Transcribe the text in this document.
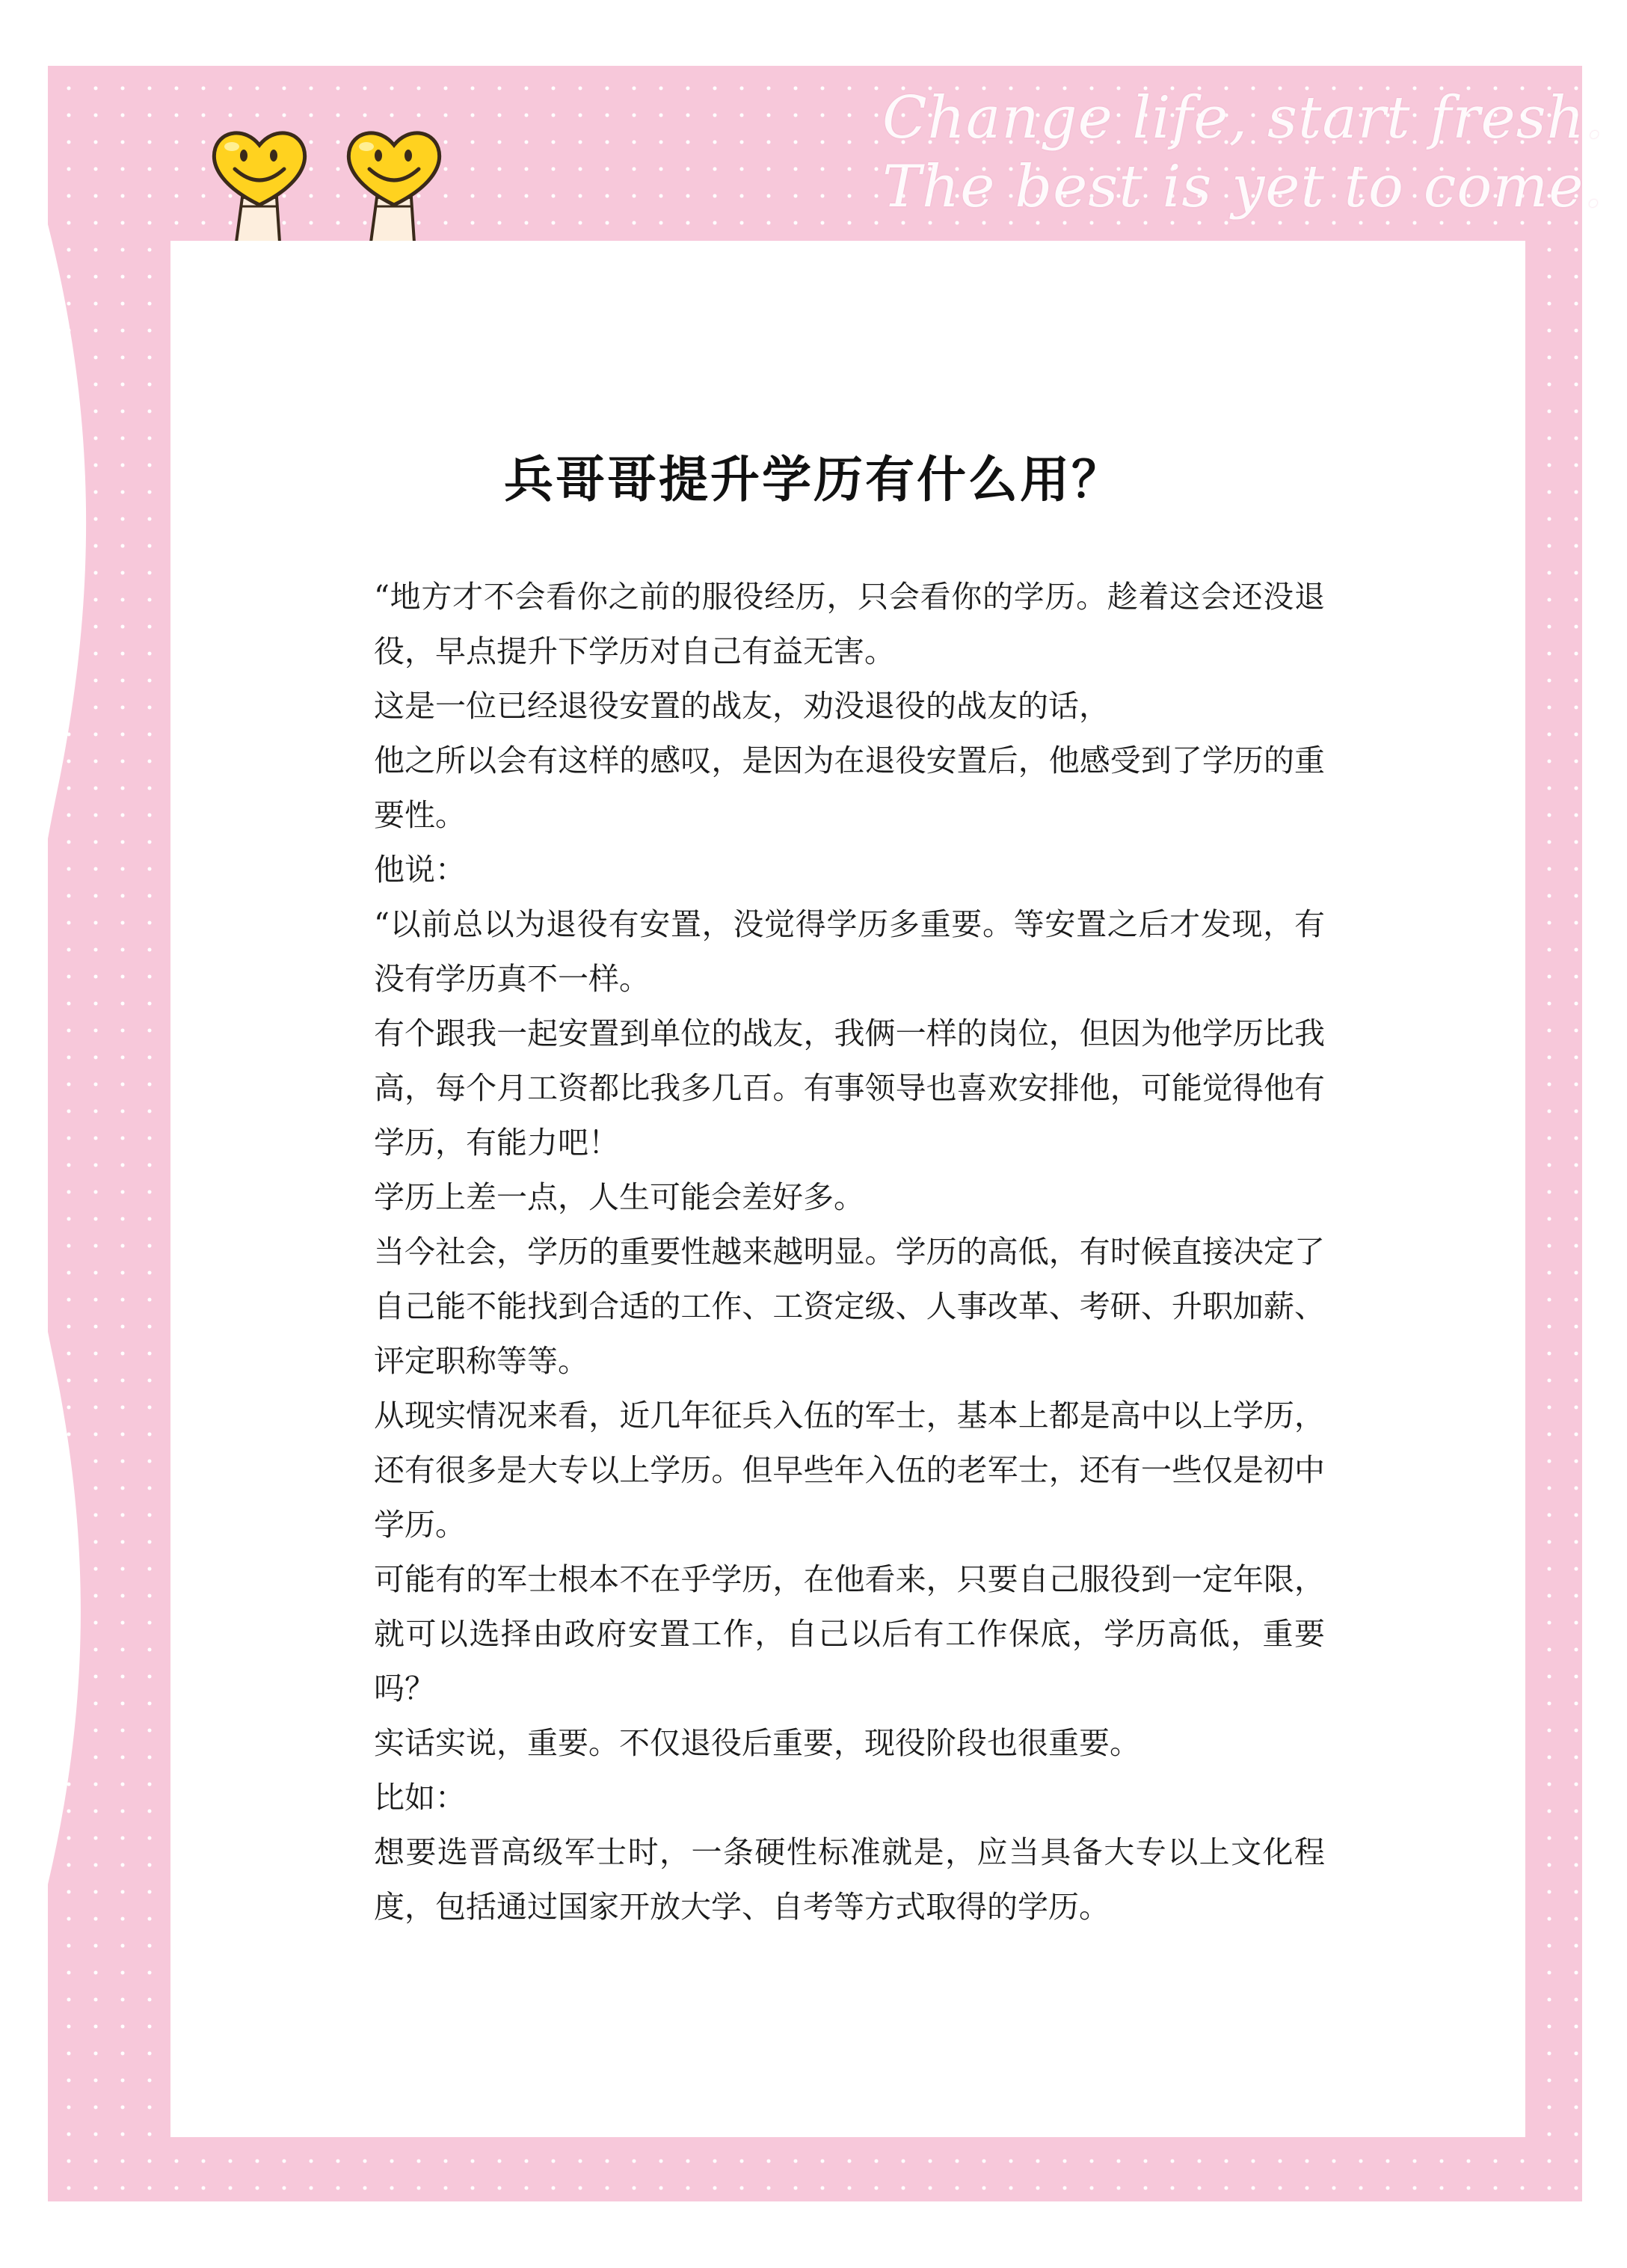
Change life, start fresh.
The best is yet to come.
兵哥哥提升学历有什么用？

“地方才不会看你之前的服役经历，只会看你的学历。趁着这会还没退役，早点提升下学历对自己有益无害。

这是一位已经退役安置的战友，劝没退役的战友的话，

他之所以会有这样的感叹，是因为在退役安置后，他感受到了学历的重要性。

他说：

“以前总以为退役有安置，没觉得学历多重要。等安置之后才发现，有没有学历真不一样。

有个跟我一起安置到单位的战友，我俩一样的岗位，但因为他学历比我高，每个月工资都比我多几百。有事领导也喜欢安排他，可能觉得他有学历，有能力吧！

学历上差一点，人生可能会差好多。

当今社会，学历的重要性越来越明显。学历的高低，有时候直接决定了自己能不能找到合适的工作、工资定级、人事改革、考研、升职加薪、评定职称等等。

从现实情况来看，近几年征兵入伍的军士，基本上都是高中以上学历，还有很多是大专以上学历。但早些年入伍的老军士，还有一些仅是初中学历。

可能有的军士根本不在乎学历，在他看来，只要自己服役到一定年限，就可以选择由政府安置工作，自己以后有工作保底，学历高低，重要吗？

实话实说，重要。不仅退役后重要，现役阶段也很重要。

比如：

想要选晋高级军士时，一条硬性标准就是，应当具备大专以上文化程度，包括通过国家开放大学、自考等方式取得的学历。
